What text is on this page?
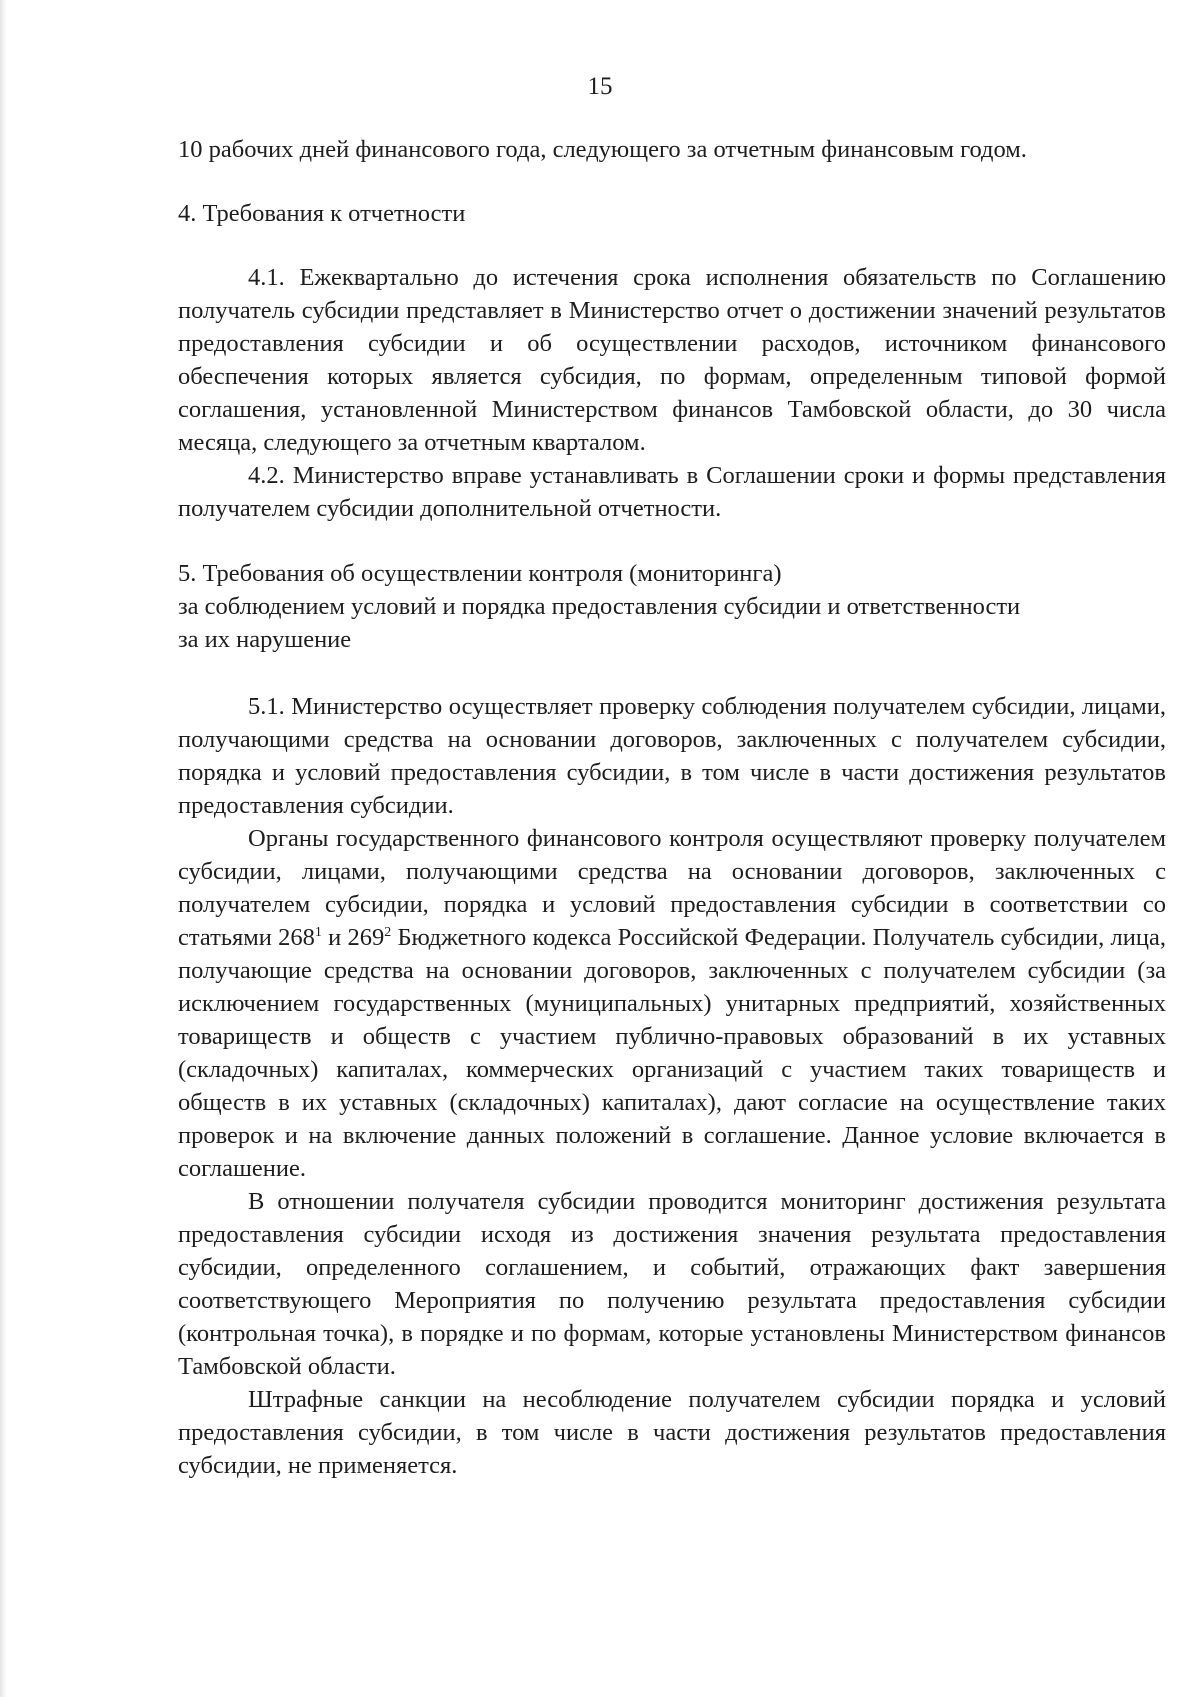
15

10 рабочих дней финансового года, следующего за отчетным финансовым годом.

4. Требования к отчетности

4.1. Ежеквартально до истечения срока исполнения обязательств по Соглашению получатель субсидии представляет в Министерство отчет о достижении значений результатов предоставления субсидии и об осуществлении расходов, источником финансового обеспечения которых является субсидия, по формам, определенным типовой формой соглашения, установленной Министерством финансов Тамбовской области, до 30 числа месяца, следующего за отчетным кварталом.

4.2. Министерство вправе устанавливать в Соглашении сроки и формы представления получателем субсидии дополнительной отчетности.

5. Требования об осуществлении контроля (мониторинга)

за соблюдением условий и порядка предоставления субсидии и ответственности

за их нарушение

5.1. Министерство осуществляет проверку соблюдения получателем субсидии, лицами, получающими средства на основании договоров, заключенных с получателем субсидии, порядка и условий предоставления субсидии, в том числе в части достижения результатов предоставления субсидии.

Органы государственного финансового контроля осуществляют проверку получателем субсидии, лицами, получающими средства на основании договоров, заключенных с получателем субсидии, порядка и условий предоставления субсидии в соответствии со статьями $268^1$ и $269^2$ Бюджетного кодекса Российской Федерации. Получатель субсидии, лица, получающие средства на основании договоров, заключенных с получателем субсидии (за исключением государственных (муниципальных) унитарных предприятий, хозяйственных товариществ и обществ с участием публично-правовых образований в их уставных (складочных) капиталах, коммерческих организаций с участием таких товариществ и обществ в их уставных (складочных) капиталах), дают согласие на осуществление таких проверок и на включение данных положений в соглашение. Данное условие включается в соглашение.

В отношении получателя субсидии проводится мониторинг достижения результата предоставления субсидии исходя из достижения значения результата предоставления субсидии, определенного соглашением, и событий, отражающих факт завершения соответствующего Мероприятия по получению результата предоставления субсидии (контрольная точка), в порядке и по формам, которые установлены Министерством финансов Тамбовской области.

Штрафные санкции на несоблюдение получателем субсидии порядка и условий предоставления субсидии, в том числе в части достижения результатов предоставления субсидии, не применяется.
